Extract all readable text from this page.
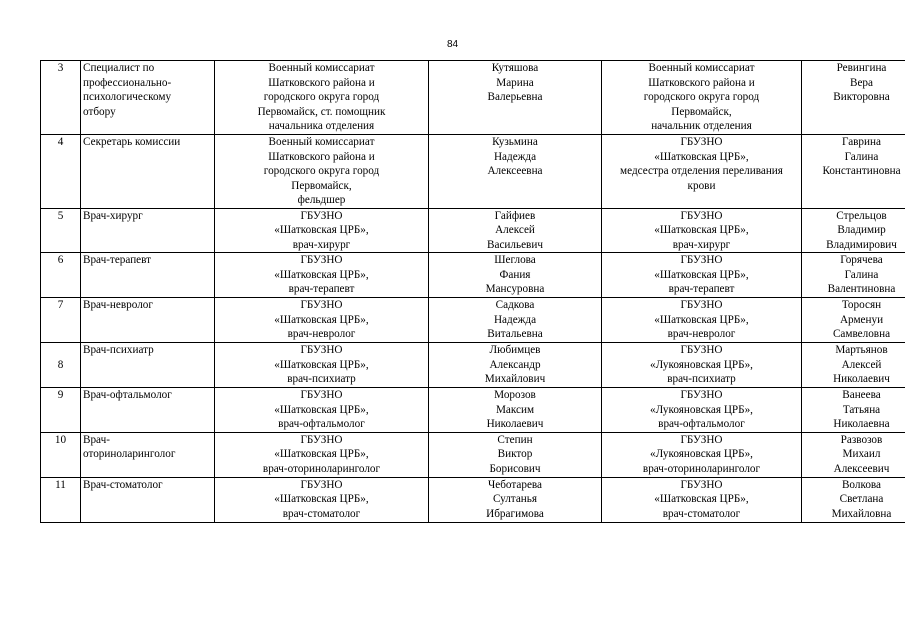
84
3	Специалист по
профессионально-
психологическому
отбору	Военный комиссариат
Шатковского района и
городского округа город
Первомайск, ст. помощник
начальника отделения	Кутяшова
Марина
Валерьевна	Военный комиссариат
Шатковского района и
городского округа город
Первомайск,
начальник отделения	Ревингина
Вера
Викторовна

4	Секретарь комиссии	Военный комиссариат
Шатковского района и
городского округа город
Первомайск,
фельдшер	Кузьмина
Надежда
Алексеевна	ГБУЗНО
«Шатковская ЦРБ»,
медсестра отделения переливания
крови	Гаврина
Галина
Константиновна

5	Врач-хирург	ГБУЗНО
«Шатковская ЦРБ»,
врач-хирург	Гайфиев
Алексей
Васильевич	ГБУЗНО
«Шатковская ЦРБ»,
врач-хирург	Стрельцов
Владимир
Владимирович

6	Врач-терапевт	ГБУЗНО
«Шатковская ЦРБ»,
врач-терапевт	Шеглова
Фания
Мансуровна	ГБУЗНО
«Шатковская ЦРБ»,
врач-терапевт	Горячева
Галина
Валентиновна

7	Врач-невролог	ГБУЗНО
«Шатковская ЦРБ»,
врач-невролог	Садкова
Надежда
Витальевна	ГБУЗНО
«Шатковская ЦРБ»,
врач-невролог	Торосян
Арменуи
Самвеловна

8	Врач-психиатр	ГБУЗНО
«Шатковская ЦРБ»,
врач-психиатр	Любимцев
Александр
Михайлович	ГБУЗНО
«Лукояновская ЦРБ»,
врач-психиатр	Мартьянов
Алексей
Николаевич

9	Врач-офтальмолог	ГБУЗНО
«Шатковская ЦРБ»,
врач-офтальмолог	Морозов
Максим
Николаевич	ГБУЗНО
«Лукояновская ЦРБ»,
врач-офтальмолог	Ванеева
Татьяна
Николаевна

10	Врач-
оториноларинголог	ГБУЗНО
«Шатковская ЦРБ»,
врач-оториноларинголог	Степин
Виктор
Борисович	ГБУЗНО
«Лукояновская ЦРБ»,
врач-оториноларинголог	Развозов
Михаил
Алексеевич

11	Врач-стоматолог	ГБУЗНО
«Шатковская ЦРБ»,
врач-стоматолог	Чеботарева
Султанья
Ибрагимова	ГБУЗНО
«Шатковская ЦРБ»,
врач-стоматолог	Волкова
Светлана
Михайловна
